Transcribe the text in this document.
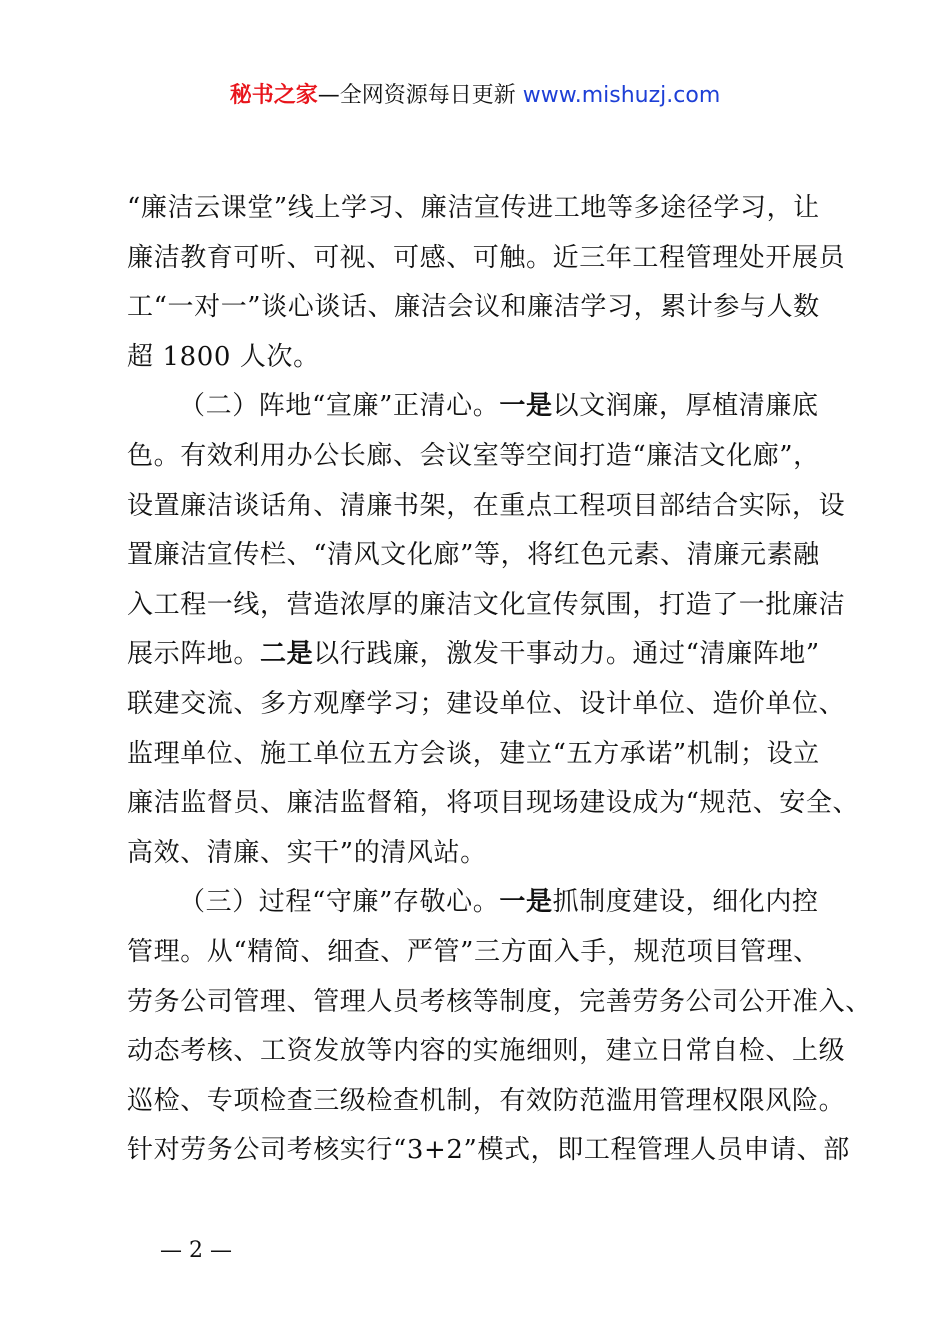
秘书之家—全网资源每日更新 www.mishuzj.com
“廉洁云课堂”线上学习、廉洁宣传进工地等多途径学习，让
廉洁教育可听、可视、可感、可触。近三年工程管理处开展员
工“一对一”谈心谈话、廉洁会议和廉洁学习，累计参与人数
超 1800 人次。
（二）阵地“宣廉”正清心。一是以文润廉，厚植清廉底
色。有效利用办公长廊、会议室等空间打造“廉洁文化廊”，
设置廉洁谈话角、清廉书架，在重点工程项目部结合实际，设
置廉洁宣传栏、“清风文化廊”等，将红色元素、清廉元素融
入工程一线，营造浓厚的廉洁文化宣传氛围，打造了一批廉洁
展示阵地。二是以行践廉，激发干事动力。通过“清廉阵地”
联建交流、多方观摩学习；建设单位、设计单位、造价单位、
监理单位、施工单位五方会谈，建立“五方承诺”机制；设立
廉洁监督员、廉洁监督箱，将项目现场建设成为“规范、安全、
高效、清廉、实干”的清风站。
（三）过程“守廉”存敬心。一是抓制度建设，细化内控
管理。从“精简、细查、严管”三方面入手，规范项目管理、
劳务公司管理、管理人员考核等制度，完善劳务公司公开准入、
动态考核、工资发放等内容的实施细则，建立日常自检、上级
巡检、专项检查三级检查机制，有效防范滥用管理权限风险。
针对劳务公司考核实行“3+2”模式，即工程管理人员申请、部
— 2 —
